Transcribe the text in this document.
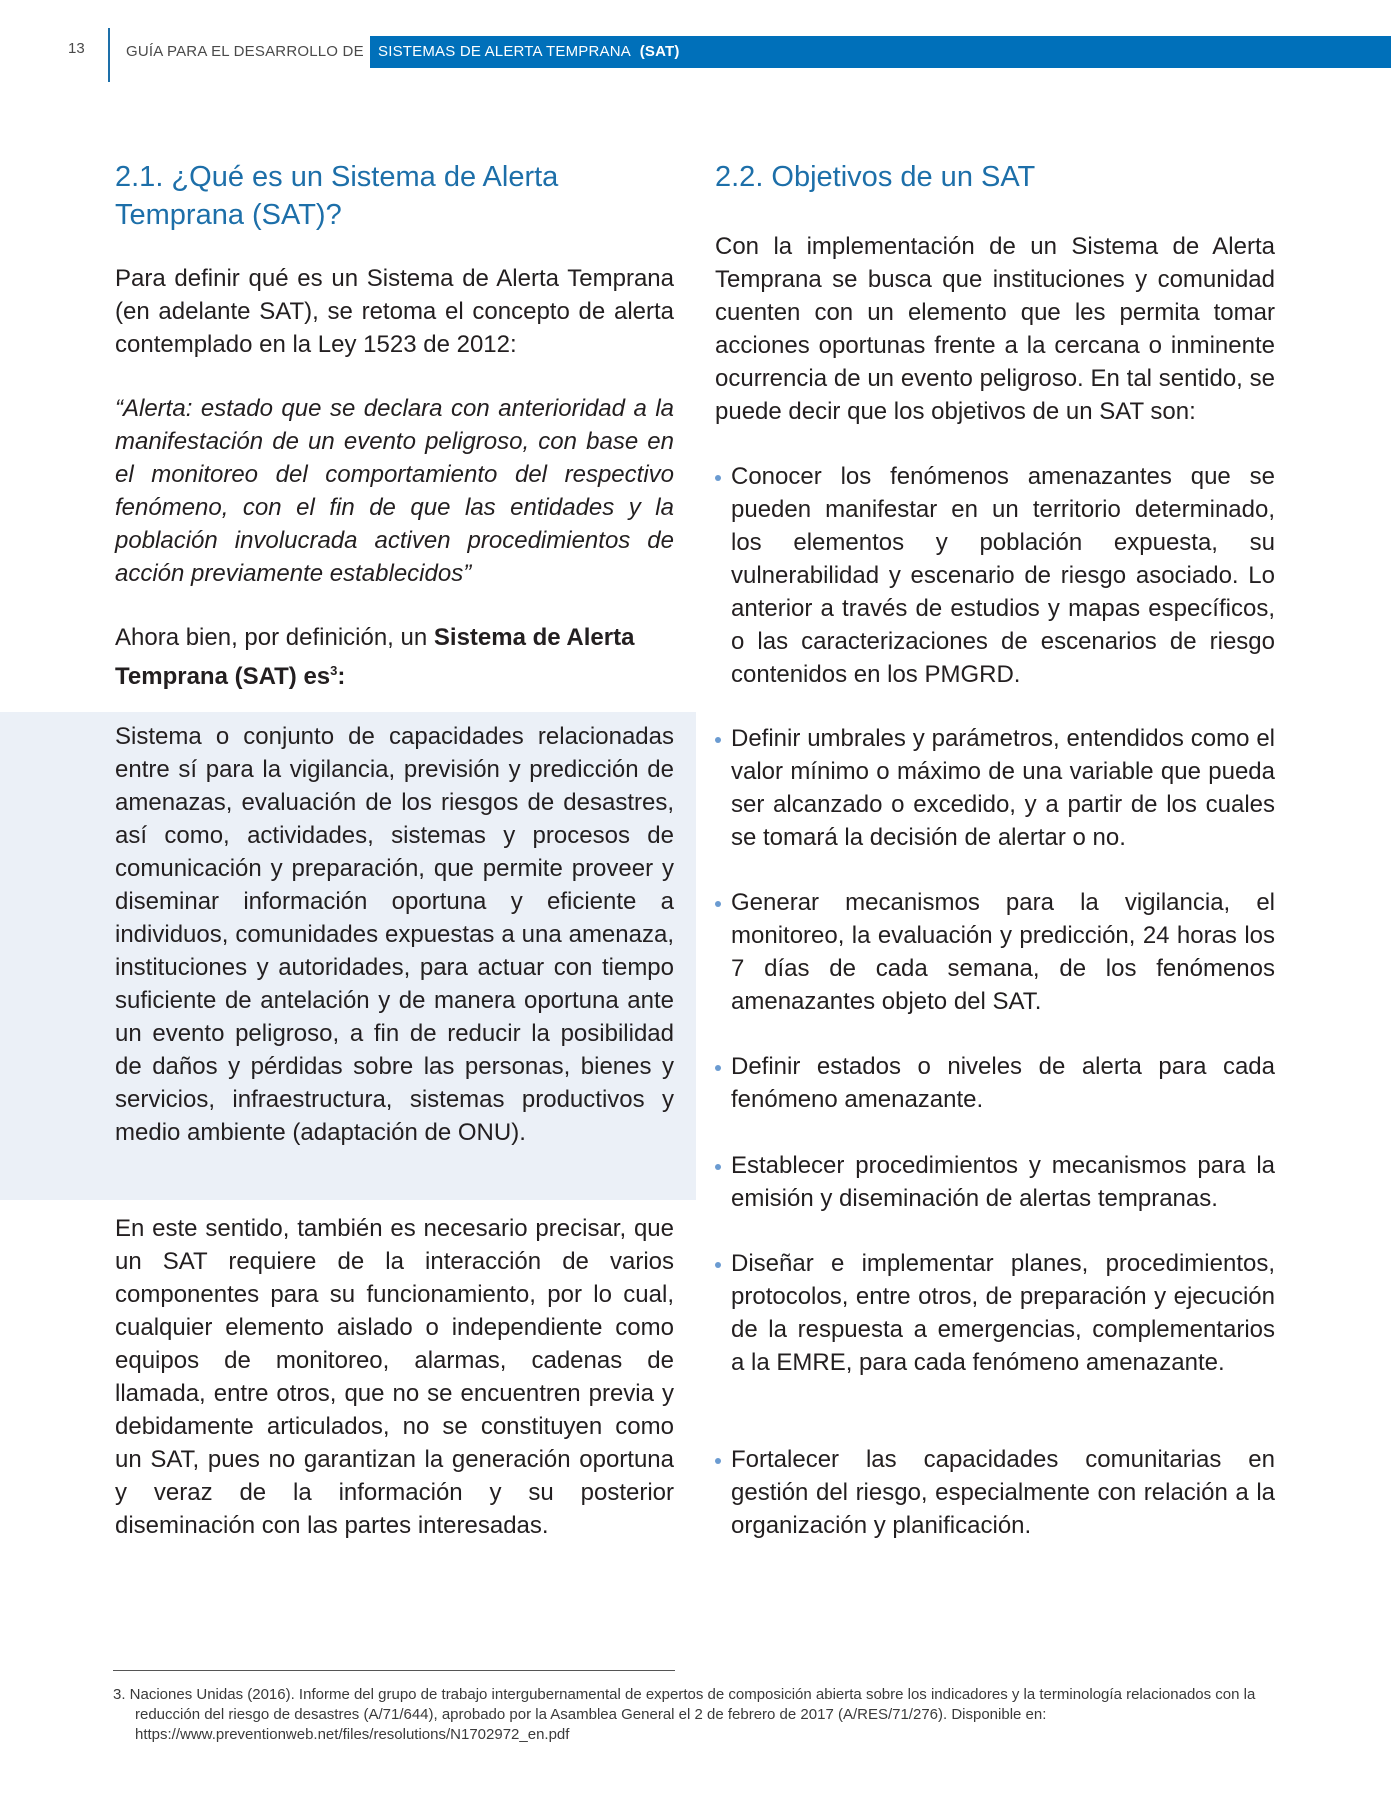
13	GUÍA PARA EL DESARROLLO DE SISTEMAS DE ALERTA TEMPRANA (SAT)
2.1. ¿Qué es un Sistema de Alerta Temprana (SAT)?

Para definir qué es un Sistema de Alerta Temprana (en adelante SAT), se retoma el concepto de alerta contemplado en la Ley 1523 de 2012:

“Alerta: estado que se declara con anterioridad a la manifestación de un evento peligroso, con base en el monitoreo del comportamiento del respectivo fenómeno, con el fin de que las entidades y la población involucrada activen procedimientos de acción previamente establecidos”

Ahora bien, por definición, un Sistema de Alerta Temprana (SAT) $es^3$:

Sistema o conjunto de capacidades relacionadas entre sí para la vigilancia, previsión y predicción de amenazas, evaluación de los riesgos de desastres, así como, actividades, sistemas y procesos de comunicación y preparación, que permite proveer y diseminar información oportuna y eficiente a individuos, comunidades expuestas a una amenaza, instituciones y autoridades, para actuar con tiempo suficiente de antelación y de manera oportuna ante un evento peligroso, a fin de reducir la posibilidad de daños y pérdidas sobre las personas, bienes y servicios, infraestructura, sistemas productivos y medio ambiente (adaptación de ONU).

En este sentido, también es necesario precisar, que un SAT requiere de la interacción de varios componentes para su funcionamiento, por lo cual, cualquier elemento aislado o independiente como equipos de monitoreo, alarmas, cadenas de llamada, entre otros, que no se encuentren previa y debidamente articulados, no se constituyen como un SAT, pues no garantizan la generación oportuna y veraz de la información y su posterior diseminación con las partes interesadas.

2.2. Objetivos de un SAT

Con la implementación de un Sistema de Alerta Temprana se busca que instituciones y comunidad cuenten con un elemento que les permita tomar acciones oportunas frente a la cercana o inminente ocurrencia de un evento peligroso. En tal sentido, se puede decir que los objetivos de un SAT son:

Conocer los fenómenos amenazantes que se pueden manifestar en un territorio determinado, los elementos y población expuesta, su vulnerabilidad y escenario de riesgo asociado. Lo anterior a través de estudios y mapas específicos, o las caracterizaciones de escenarios de riesgo contenidos en los PMGRD.
Definir umbrales y parámetros, entendidos como el valor mínimo o máximo de una variable que pueda ser alcanzado o excedido, y a partir de los cuales se tomará la decisión de alertar o no.
Generar mecanismos para la vigilancia, el monitoreo, la evaluación y predicción, 24 horas los 7 días de cada semana, de los fenómenos amenazantes objeto del SAT.
Definir estados o niveles de alerta para cada fenómeno amenazante.
Establecer procedimientos y mecanismos para la emisión y diseminación de alertas tempranas.
Diseñar e implementar planes, procedimientos, protocolos, entre otros, de preparación y ejecución de la respuesta a emergencias, complementarios a la EMRE, para cada fenómeno amenazante.
Fortalecer las capacidades comunitarias en gestión del riesgo, especialmente con relación a la organización y planificación.
3. Naciones Unidas (2016). Informe del grupo de trabajo intergubernamental de expertos de composición abierta sobre los indicadores y la terminología relacionados con la reducción del riesgo de desastres (A/71/644), aprobado por la Asamblea General el 2 de febrero de 2017 (A/RES/71/276). Disponible en: https://www.preventionweb.net/files/resolutions/N1702972_en.pdf
